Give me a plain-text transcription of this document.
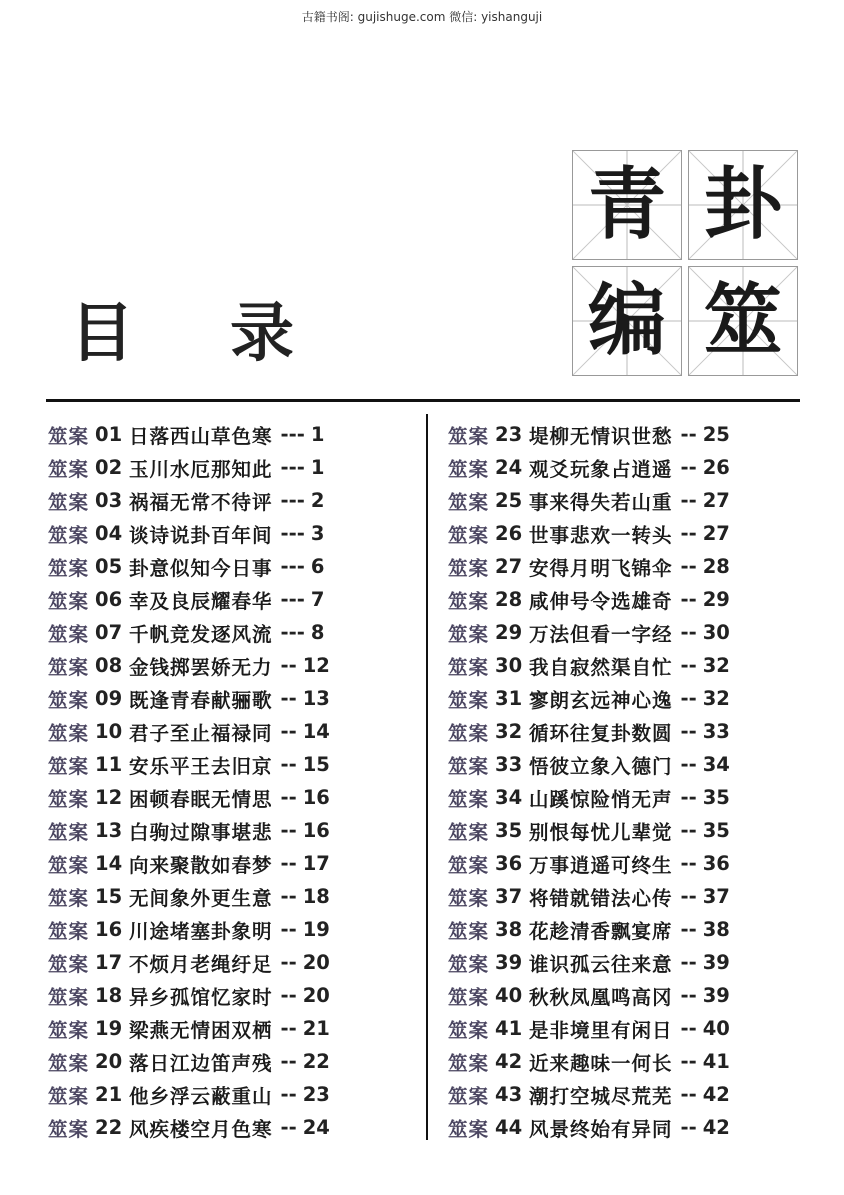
古籍书阁: gujishuge.com 微信: yishanguji
目 录
青 卦
编 筮
筮案 01 日落西山草色寒 --- 1
筮案 02 玉川水厄那知此 --- 1
筮案 03 祸福无常不待评 --- 2
筮案 04 谈诗说卦百年间 --- 3
筮案 05 卦意似知今日事 --- 6
筮案 06 幸及良辰耀春华 --- 7
筮案 07 千帆竞发逐风流 --- 8
筮案 08 金钱掷罢娇无力 -- 12
筮案 09 既逢青春献骊歌 -- 13
筮案 10 君子至止福禄同 -- 14
筮案 11 安乐平王去旧京 -- 15
筮案 12 困顿春眠无情思 -- 16
筮案 13 白驹过隙事堪悲 -- 16
筮案 14 向来聚散如春梦 -- 17
筮案 15 无间象外更生意 -- 18
筮案 16 川途堵塞卦象明 -- 19
筮案 17 不烦月老绳纡足 -- 20
筮案 18 异乡孤馆忆家时 -- 20
筮案 19 梁燕无情困双栖 -- 21
筮案 20 落日江边笛声残 -- 22
筮案 21 他乡浮云蔽重山 -- 23
筮案 22 风疾楼空月色寒 -- 24
筮案 23 堤柳无情识世愁 -- 25
筮案 24 观爻玩象占逍遥 -- 26
筮案 25 事来得失若山重 -- 27
筮案 26 世事悲欢一转头 -- 27
筮案 27 安得月明飞锦伞 -- 28
筮案 28 咸伸号令选雄奇 -- 29
筮案 29 万法但看一字经 -- 30
筮案 30 我自寂然渠自忙 -- 32
筮案 31 寥朗玄远神心逸 -- 32
筮案 32 循环往复卦数圆 -- 33
筮案 33 悟彼立象入德门 -- 34
筮案 34 山蹊惊险悄无声 -- 35
筮案 35 别恨每忧儿辈觉 -- 35
筮案 36 万事逍遥可终生 -- 36
筮案 37 将错就错法心传 -- 37
筮案 38 花趁清香飘宴席 -- 38
筮案 39 谁识孤云往来意 -- 39
筮案 40 秋秋凤凰鸣高冈 -- 39
筮案 41 是非境里有闲日 -- 40
筮案 42 近来趣味一何长 -- 41
筮案 43 潮打空城尽荒芜 -- 42
筮案 44 风景终始有异同 -- 42
